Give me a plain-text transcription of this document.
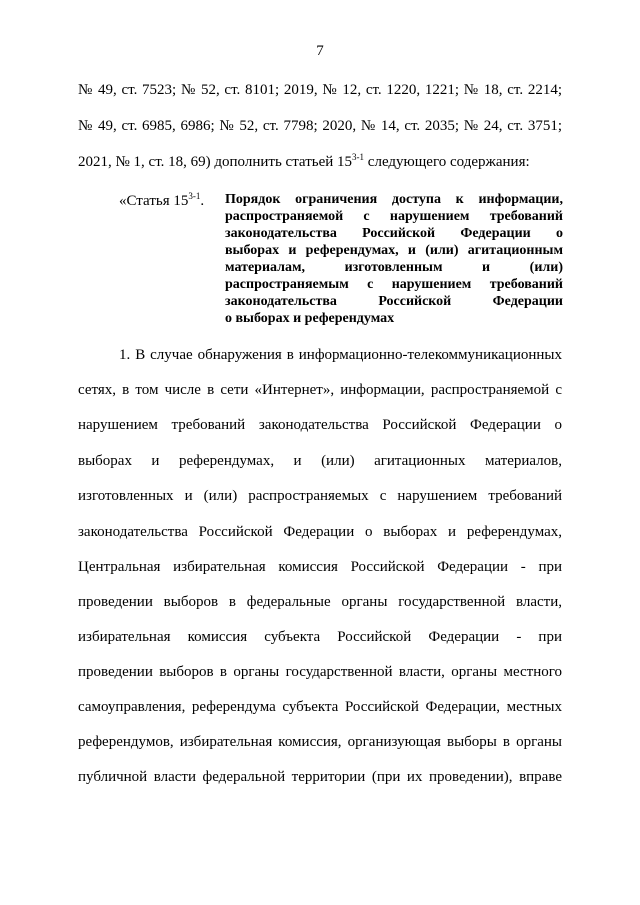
7
№ 49, ст. 7523; № 52, ст. 8101; 2019, № 12, ст. 1220, 1221; № 18, ст. 2214;
№ 49, ст. 6985, 6986; № 52, ст. 7798; 2020, № 14, ст. 2035; № 24, ст. 3751;
2021, № 1, ст. 18, 69) дополнить статьей 15$^{3-1}$ следующего содержания:
«Статья 15$^{3-1}$. Порядок ограничения доступа к информации,
распространяемой с нарушением требований
законодательства Российской Федерации о
выборах и референдумах, и (или) агитационным
материалам, изготовленным и (или)
распространяемым с нарушением требований
законодательства Российской Федерации
о выборах и референдумах
1. В случае обнаружения в информационно-телекоммуникационных
сетях, в том числе в сети «Интернет», информации, распространяемой с
нарушением требований законодательства Российской Федерации о
выборах и референдумах, и (или) агитационных материалов,
изготовленных и (или) распространяемых с нарушением требований
законодательства Российской Федерации о выборах и референдумах,
Центральная избирательная комиссия Российской Федерации - при
проведении выборов в федеральные органы государственной власти,
избирательная комиссия субъекта Российской Федерации - при
проведении выборов в органы государственной власти, органы местного
самоуправления, референдума субъекта Российской Федерации, местных
референдумов, избирательная комиссия, организующая выборы в органы
публичной власти федеральной территории (при их проведении), вправе
